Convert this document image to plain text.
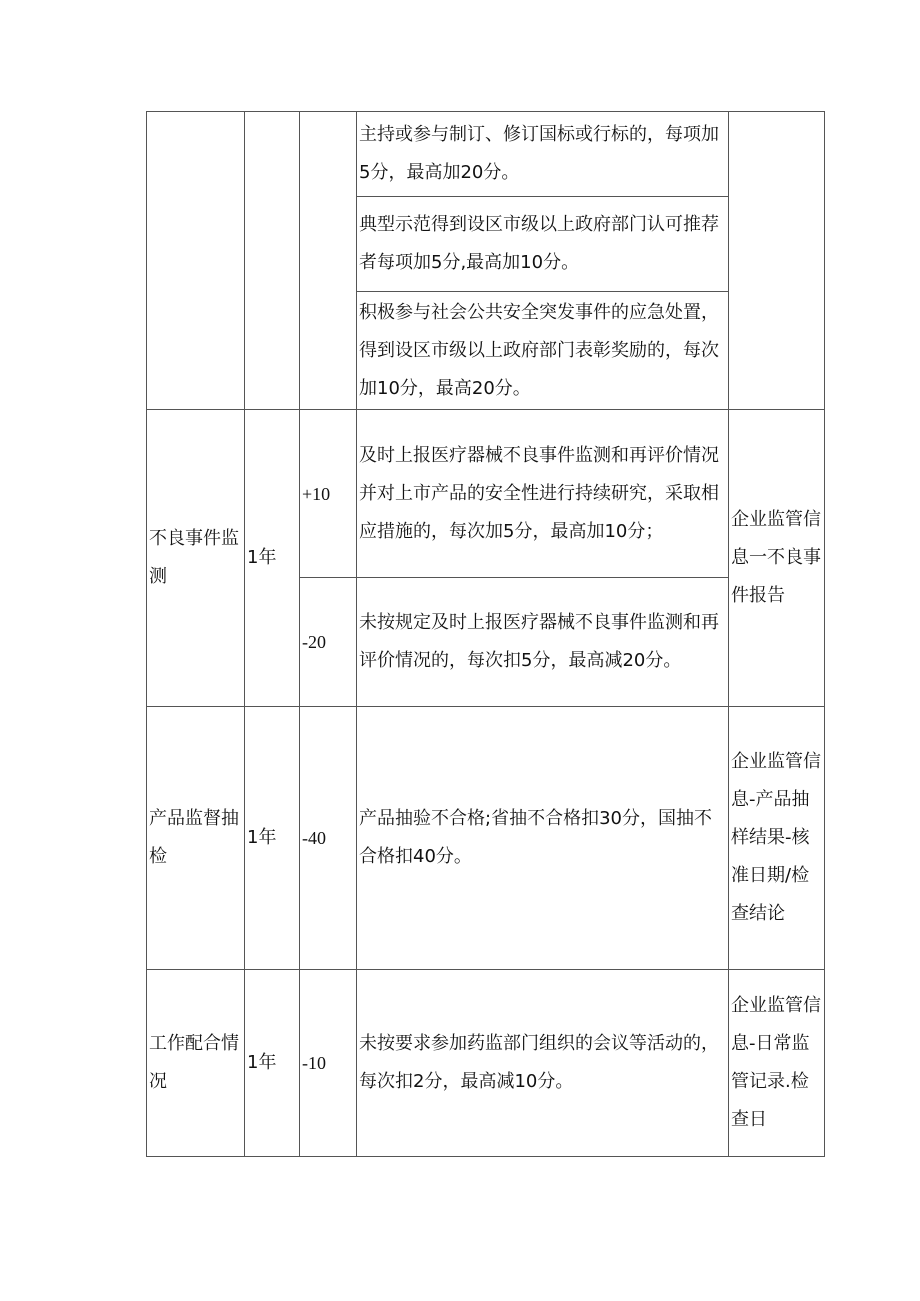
			主持或参与制订、修订国标或行标的，每项加5分，最高加20分。	
			典型示范得到设区市级以上政府部门认可推荐者每项加5分,最高加10分。	
			积极参与社会公共安全突发事件的应急处置，得到设区市级以上政府部门表彰奖励的，每次加10分，最高20分。	
不良事件监测	1年	+10	及时上报医疗器械不良事件监测和再评价情况并对上市产品的安全性进行持续研究，采取相应措施的，每次加5分，最高加10分；	企业监管信息一不良事件报告
		-20	未按规定及时上报医疗器械不良事件监测和再评价情况的，每次扣5分，最高减20分。	
产品监督抽检	1年	-40	产品抽验不合格;省抽不合格扣30分，国抽不合格扣40分。	企业监管信息-产品抽样结果-核准日期/检查结论
工作配合情况	1年	-10	未按要求参加药监部门组织的会议等活动的，每次扣2分，最高减10分。	企业监管信息-日常监管记录.检查日
